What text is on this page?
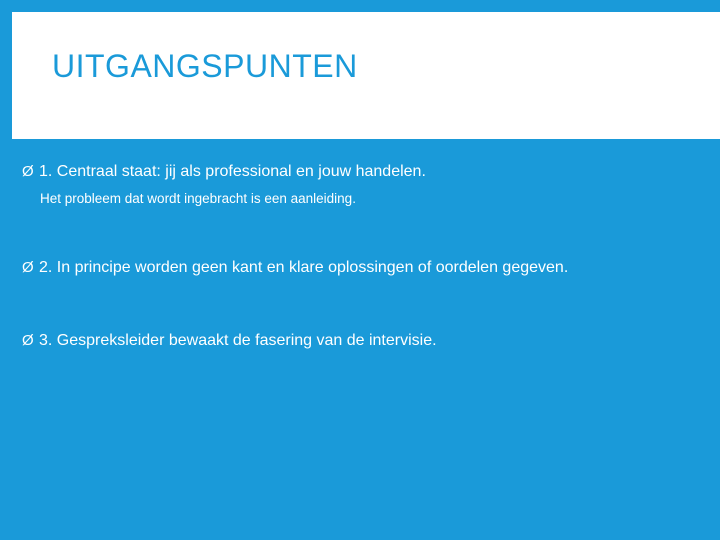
UITGANGSPUNTEN
Ø 1. Centraal staat: jij als professional en jouw handelen.
Het probleem dat wordt ingebracht is een aanleiding.
Ø 2. In principe worden geen kant en klare oplossingen of oordelen gegeven.
Ø 3. Gespreksleider bewaakt de fasering van de intervisie.
